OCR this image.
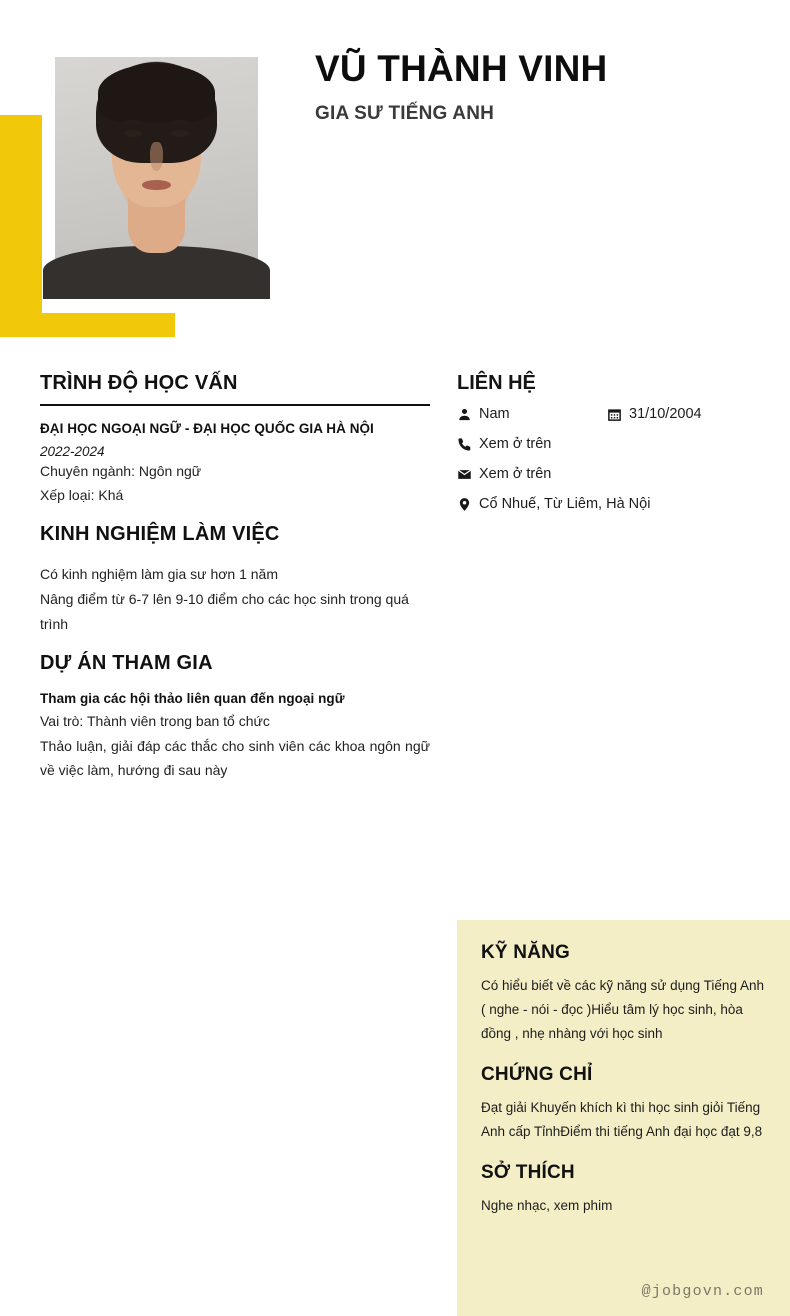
VŨ THÀNH VINH
GIA SƯ TIẾNG ANH
TRÌNH ĐỘ HỌC VẤN
ĐẠI HỌC NGOẠI NGỮ - ĐẠI HỌC QUỐC GIA HÀ NỘI
2022-2024
Chuyên ngành: Ngôn ngữ
Xếp loại: Khá
KINH NGHIỆM LÀM VIỆC
Có kinh nghiệm làm gia sư hơn 1 năm
Nâng điểm từ 6-7 lên 9-10 điểm cho các học sinh trong quá trình
DỰ ÁN THAM GIA
Tham gia các hội thảo liên quan đến ngoại ngữ
Vai trò: Thành viên trong ban tổ chức
Thảo luận, giải đáp các thắc cho sinh viên các khoa ngôn ngữ về việc làm, hướng đi sau này
LIÊN HỆ
Nam	31/10/2004
Xem ở trên
Xem ở trên
Cổ Nhuế, Từ Liêm, Hà Nội
KỸ NĂNG

Có hiểu biết về các kỹ năng sử dụng Tiếng Anh ( nghe - nói - đọc )Hiểu tâm lý học sinh, hòa đồng , nhẹ nhàng với học sinh

CHỨNG CHỈ

Đạt giải Khuyến khích kì thi học sinh giỏi Tiếng Anh cấp TỉnhĐiểm thi tiếng Anh đại học đạt 9,8

SỞ THÍCH

Nghe nhạc, xem phim

@jobgovn.com
